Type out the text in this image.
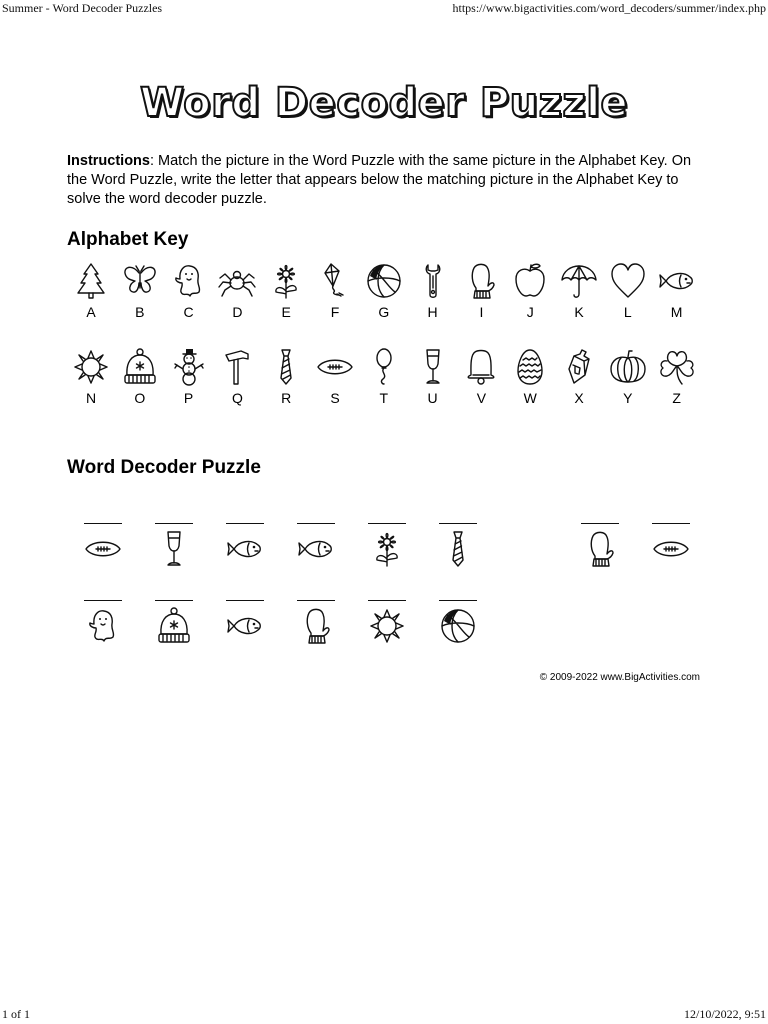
Summer - Word Decoder Puzzles	https://www.bigactivities.com/word_decoders/summer/index.php
Word Decoder Puzzle
Instructions: Match the picture in the Word Puzzle with the same picture in the Alphabet Key. On the Word Puzzle, write the letter that appears below the matching picture in the Alphabet Key to solve the word decoder puzzle.
Alphabet Key
A	B	C	D	E	F	G	H	I	J	K	L	M
N	O	P	Q	R	S	T	U	V	W	X	Y	Z
Word Decoder Puzzle
© 2009-2022 www.BigActivities.com
1 of 1	12/10/2022, 9:51
